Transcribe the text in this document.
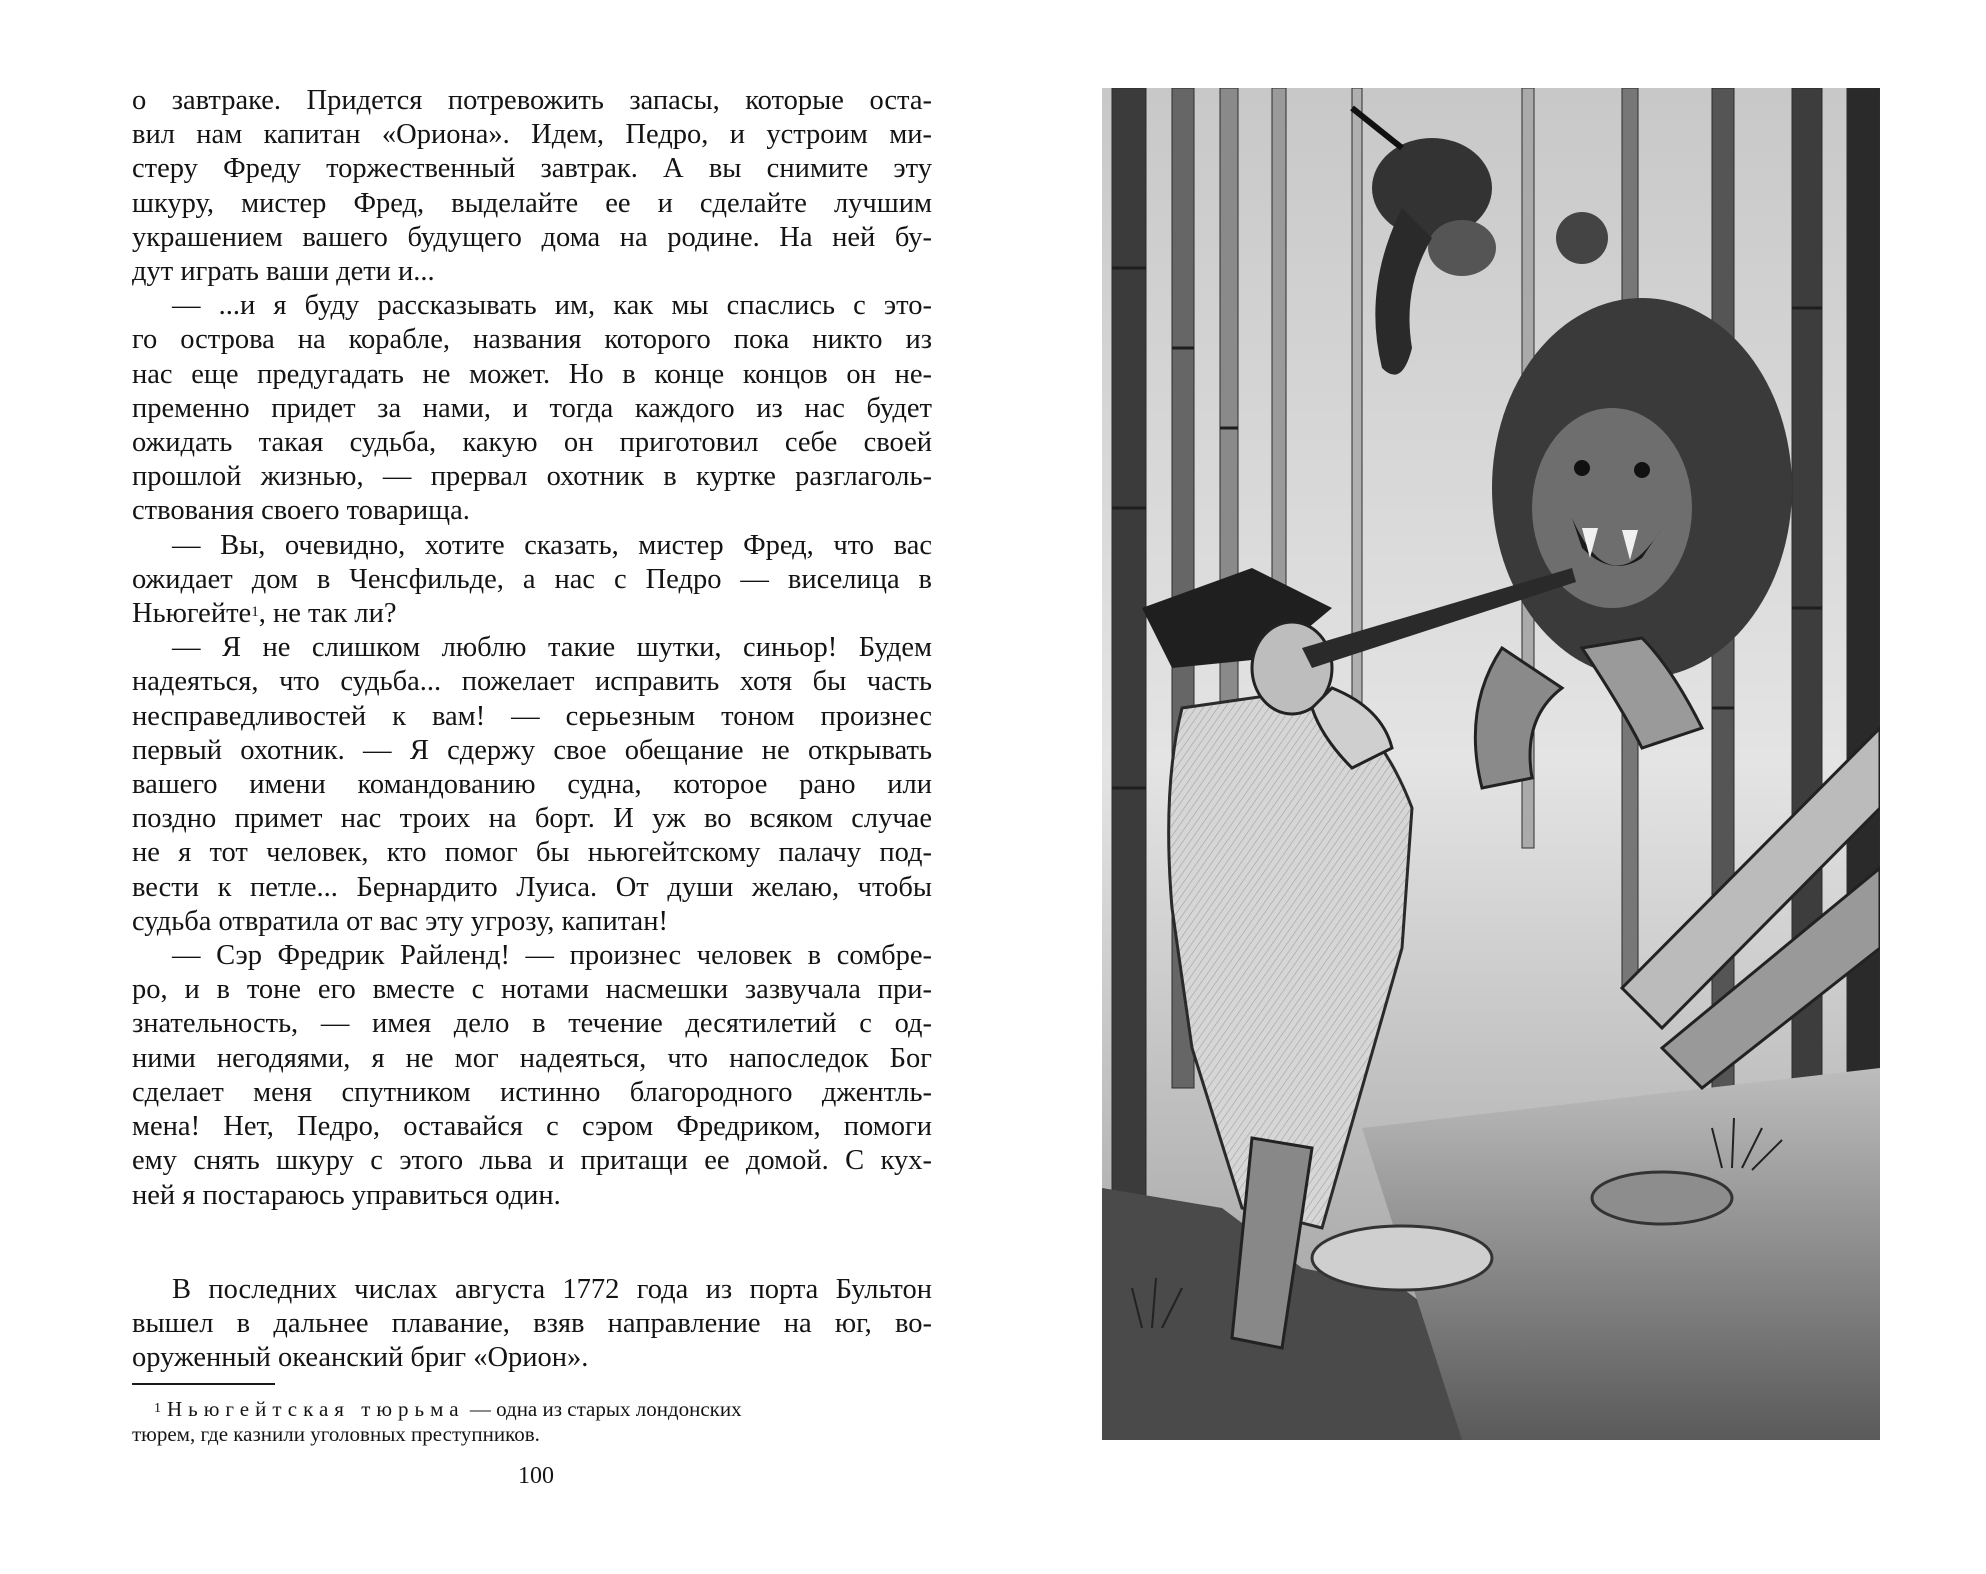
о завтраке. Придется потревожить запасы, которые оста-
вил нам капитан «Ориона». Идем, Педро, и устроим ми-
стеру Фреду торжественный завтрак. А вы снимите эту
шкуру, мистер Фред, выделайте ее и сделайте лучшим
украшением вашего будущего дома на родине. На ней бу-
дут играть ваши дети и...

— ...и я буду рассказывать им, как мы спаслись с это-
го острова на корабле, названия которого пока никто из
нас еще предугадать не может. Но в конце концов он не-
пременно придет за нами, и тогда каждого из нас будет
ожидать такая судьба, какую он приготовил себе своей
прошлой жизнью, — прервал охотник в куртке разглаголь-
ствования своего товарища.

— Вы, очевидно, хотите сказать, мистер Фред, что вас
ожидает дом в Ченсфильде, а нас с Педро — виселица в
Ньюгейте$^1$, не так ли?

— Я не слишком люблю такие шутки, синьор! Будем
надеяться, что судьба... пожелает исправить хотя бы часть
несправедливостей к вам! — серьезным тоном произнес
первый охотник. — Я сдержу свое обещание не открывать
вашего имени командованию судна, которое рано или
поздно примет нас троих на борт. И уж во всяком случае
не я тот человек, кто помог бы ньюгейтскому палачу под-
вести к петле... Бернардито Луиса. От души желаю, чтобы
судьба отвратила от вас эту угрозу, капитан!

— Сэр Фредрик Райленд! — произнес человек в сомбре-
ро, и в тоне его вместе с нотами насмешки зазвучала при-
знательность, — имея дело в течение десятилетий с од-
ними негодяями, я не мог надеяться, что напоследок Бог
сделает меня спутником истинно благородного джентль-
мена! Нет, Педро, оставайся с сэром Фредриком, помоги
ему снять шкуру с этого льва и притащи ее домой. С кух-
ней я постараюсь управиться один.

В последних числах августа 1772 года из порта Бультон
вышел в дальнее плавание, взяв направление на юг, во-
оруженный океанский бриг «Орион».

$^1$ Ньюгейтская тюрьма — одна из старых лондонских
тюрем, где казнили уголовных преступников.
100
